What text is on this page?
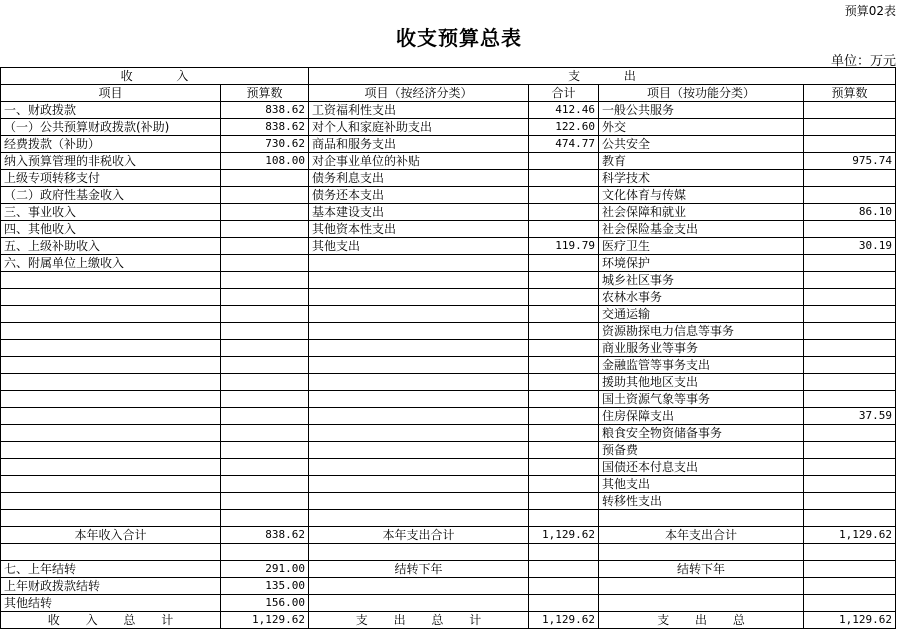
预算02表
收支预算总表
单位：万元
收 入		支 出			
项目	预算数	项目（按经济分类）	合计	项目（按功能分类）	预算数
一、财政拨款	838.62	工资福利性支出	412.46	一般公共服务	
（一）公共预算财政拨款(补助)	838.62	对个人和家庭补助支出	122.60	外交	
经费拨款（补助）	730.62	商品和服务支出	474.77	公共安全	
纳入预算管理的非税收入	108.00	对企事业单位的补贴		教育	975.74
上级专项转移支付		债务利息支出		科学技术	
（二）政府性基金收入		债务还本支出		文化体育与传媒	
三、事业收入		基本建设支出		社会保障和就业	86.10
四、其他收入		其他资本性支出		社会保险基金支出	
五、上级补助收入		其他支出	119.79	医疗卫生	30.19
六、附属单位上缴收入				环境保护	
				城乡社区事务	
				农林水事务	
				交通运输	
				资源勘探电力信息等事务	
				商业服务业等事务	
				金融监管等事务支出	
				援助其他地区支出	
				国土资源气象等事务	
				住房保障支出	37.59
				粮食安全物资储备事务	
				预备费	
				国债还本付息支出	
				其他支出	
				转移性支出	

本年收入合计	838.62	本年支出合计	1,129.62	本年支出合计	1,129.62

七、上年结转	291.00	结转下年		结转下年	
上年财政拨款结转	135.00				
其他结转	156.00				
收 入 总 计	1,129.62	支 出 总 计	1,129.62	支 出 总	1,129.62
